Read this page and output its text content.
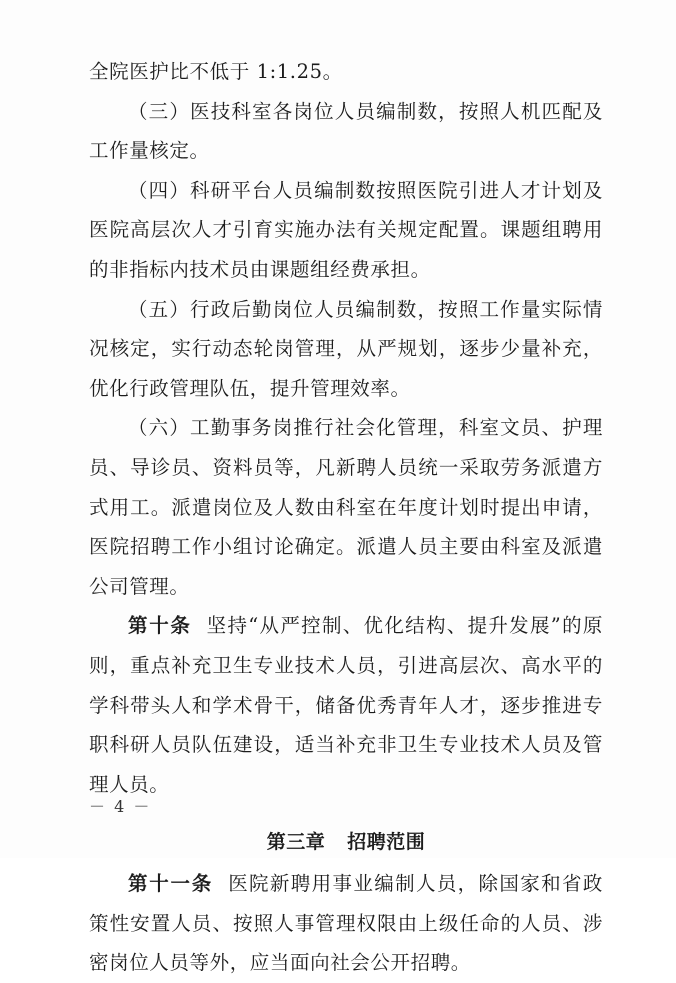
全院医护比不低于 1:1.25。

（三）医技科室各岗位人员编制数，按照人机匹配及工作量核定。

（四）科研平台人员编制数按照医院引进人才计划及医院高层次人才引育实施办法有关规定配置。课题组聘用的非指标内技术员由课题组经费承担。

（五）行政后勤岗位人员编制数，按照工作量实际情况核定，实行动态轮岗管理，从严规划，逐步少量补充，优化行政管理队伍，提升管理效率。

（六）工勤事务岗推行社会化管理，科室文员、护理员、导诊员、资料员等，凡新聘人员统一采取劳务派遣方式用工。派遣岗位及人数由科室在年度计划时提出申请，医院招聘工作小组讨论确定。派遣人员主要由科室及派遣公司管理。

第十条 坚持“从严控制、优化结构、提升发展”的原则，重点补充卫生专业技术人员，引进高层次、高水平的学科带头人和学术骨干，储备优秀青年人才，逐步推进专职科研人员队伍建设，适当补充非卫生专业技术人员及管理人员。

第三章 招聘范围

第十一条 医院新聘用事业编制人员，除国家和省政策性安置人员、按照人事管理权限由上级任命的人员、涉密岗位人员等外，应当面向社会公开招聘。

－ 4 －
